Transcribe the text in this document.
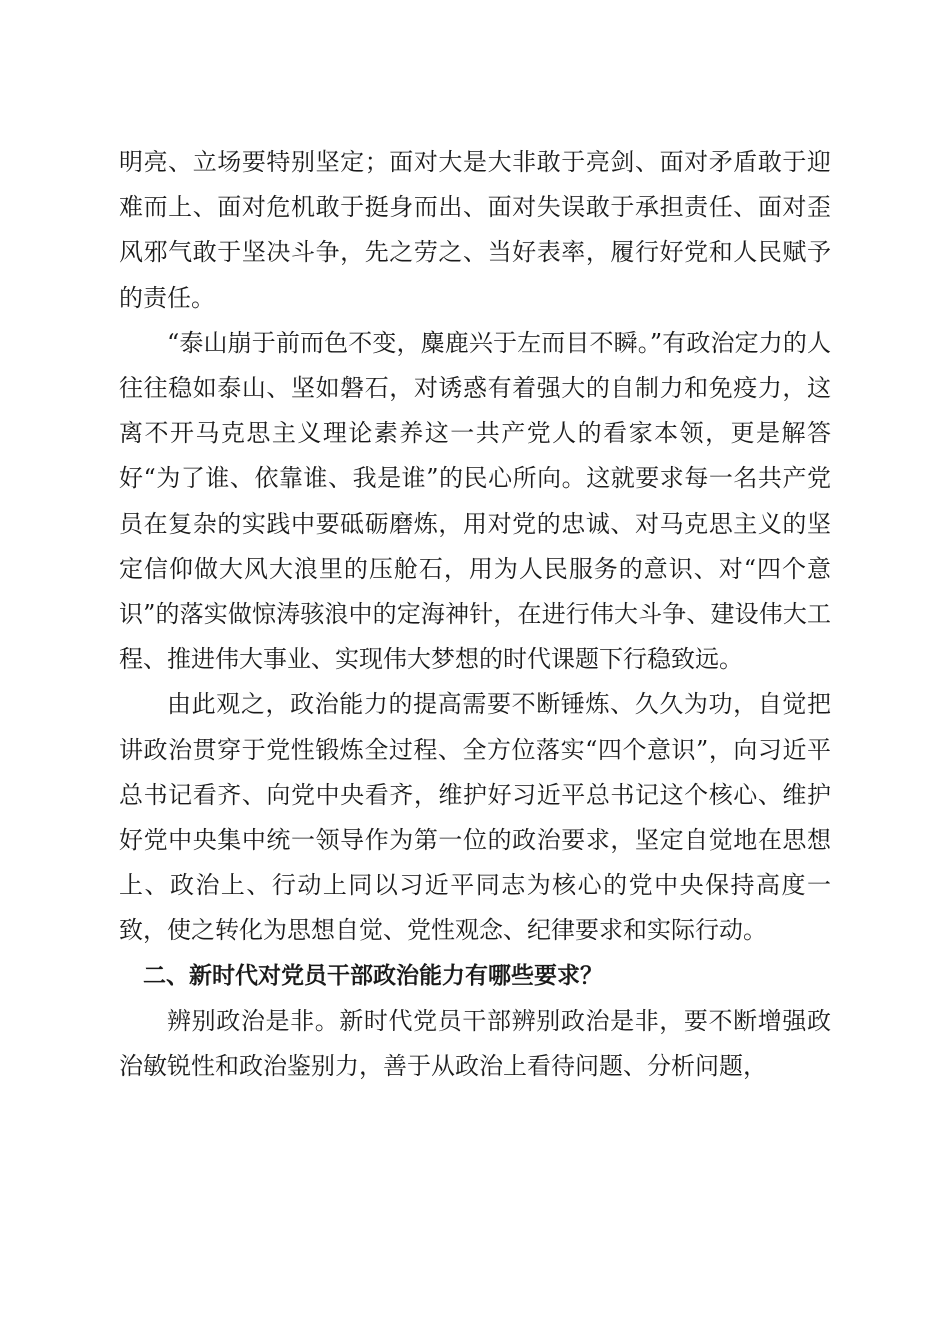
明亮、立场要特别坚定；面对大是大非敢于亮剑、面对矛盾敢于迎难而上、面对危机敢于挺身而出、面对失误敢于承担责任、面对歪风邪气敢于坚决斗争，先之劳之、当好表率，履行好党和人民赋予的责任。

“泰山崩于前而色不变，麋鹿兴于左而目不瞬。”有政治定力的人往往稳如泰山、坚如磐石，对诱惑有着强大的自制力和免疫力，这离不开马克思主义理论素养这一共产党人的看家本领，更是解答好“为了谁、依靠谁、我是谁”的民心所向。这就要求每一名共产党员在复杂的实践中要砥砺磨炼，用对党的忠诚、对马克思主义的坚定信仰做大风大浪里的压舱石，用为人民服务的意识、对“四个意识”的落实做惊涛骇浪中的定海神针，在进行伟大斗争、建设伟大工程、推进伟大事业、实现伟大梦想的时代课题下行稳致远。

由此观之，政治能力的提高需要不断锤炼、久久为功，自觉把讲政治贯穿于党性锻炼全过程、全方位落实“四个意识”，向习近平总书记看齐、向党中央看齐，维护好习近平总书记这个核心、维护好党中央集中统一领导作为第一位的政治要求，坚定自觉地在思想上、政治上、行动上同以习近平同志为核心的党中央保持高度一致，使之转化为思想自觉、党性观念、纪律要求和实际行动。

二、新时代对党员干部政治能力有哪些要求？

辨别政治是非。新时代党员干部辨别政治是非，要不断增强政治敏锐性和政治鉴别力，善于从政治上看待问题、分析问题，
